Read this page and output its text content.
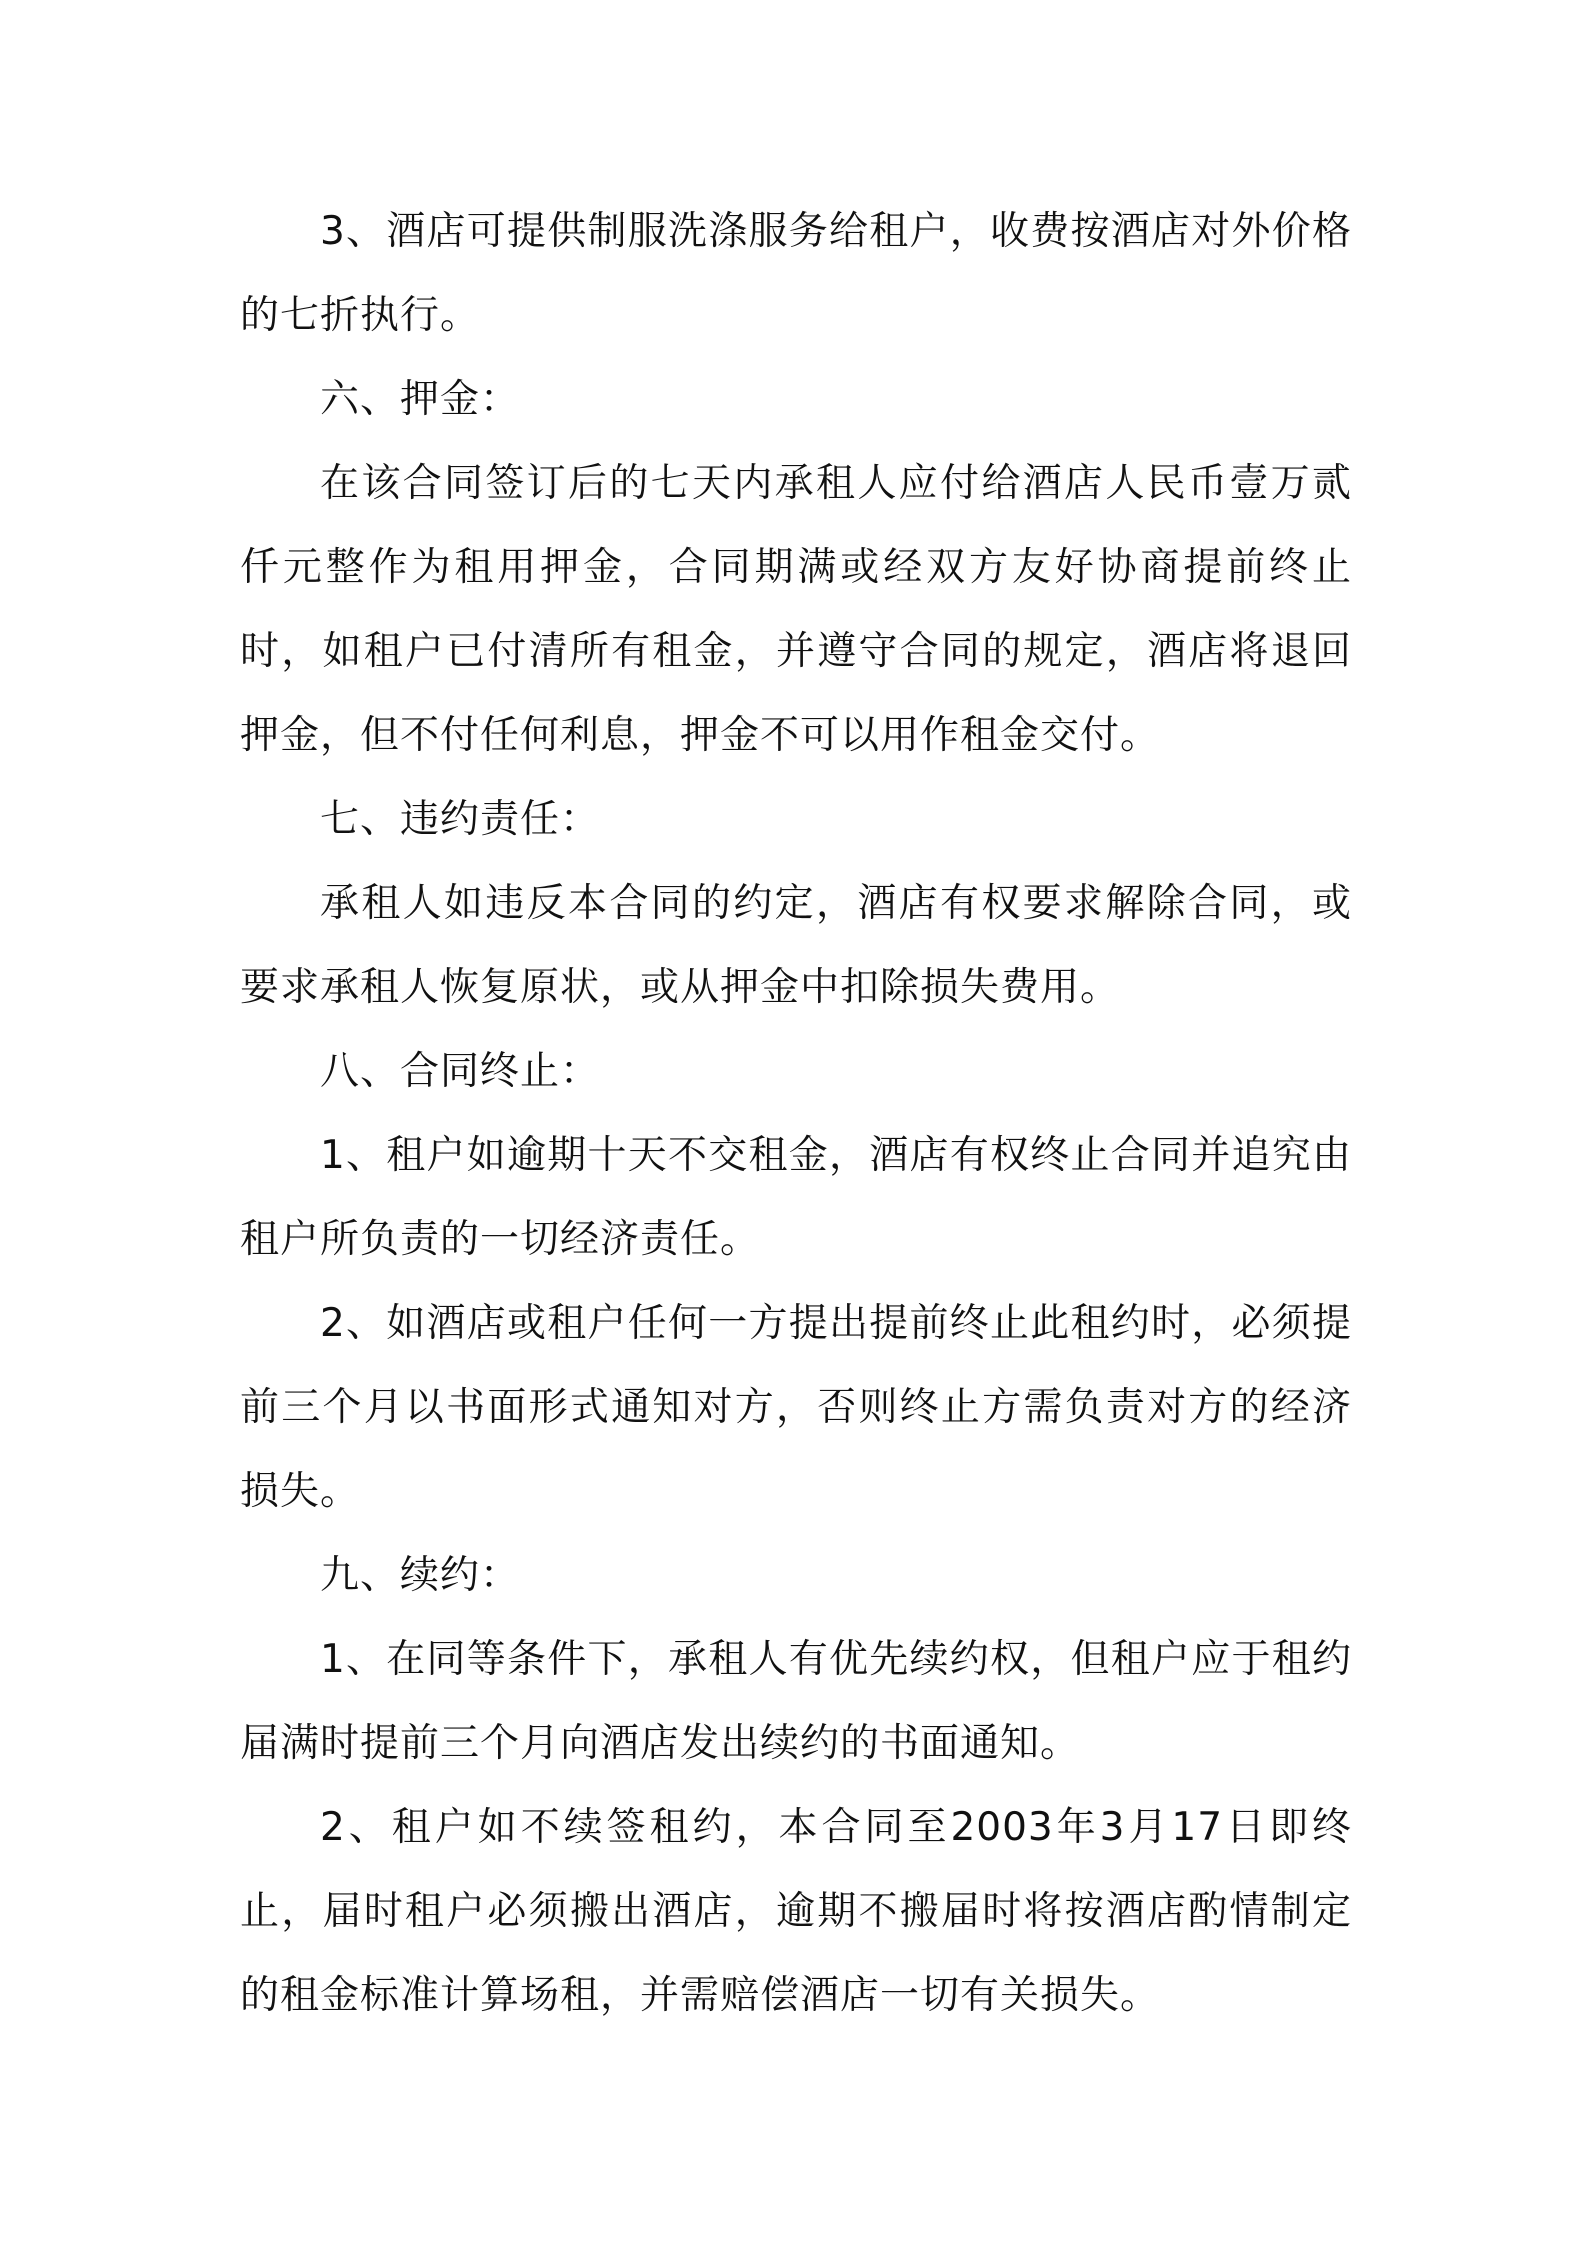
3、酒店可提供制服洗涤服务给租户，收费按酒店对外价格的七折执行。

六、押金：

在该合同签订后的七天内承租人应付给酒店人民币壹万贰仟元整作为租用押金，合同期满或经双方友好协商提前终止时，如租户已付清所有租金，并遵守合同的规定，酒店将退回押金，但不付任何利息，押金不可以用作租金交付。

七、违约责任：

承租人如违反本合同的约定，酒店有权要求解除合同，或要求承租人恢复原状，或从押金中扣除损失费用。

八、合同终止：

1、租户如逾期十天不交租金，酒店有权终止合同并追究由租户所负责的一切经济责任。

2、如酒店或租户任何一方提出提前终止此租约时，必须提前三个月以书面形式通知对方，否则终止方需负责对方的经济损失。

九、续约：

1、在同等条件下，承租人有优先续约权，但租户应于租约届满时提前三个月向酒店发出续约的书面通知。

2、租户如不续签租约，本合同至2003年3月17日即终止，届时租户必须搬出酒店，逾期不搬届时将按酒店酌情制定的租金标准计算场租，并需赔偿酒店一切有关损失。
